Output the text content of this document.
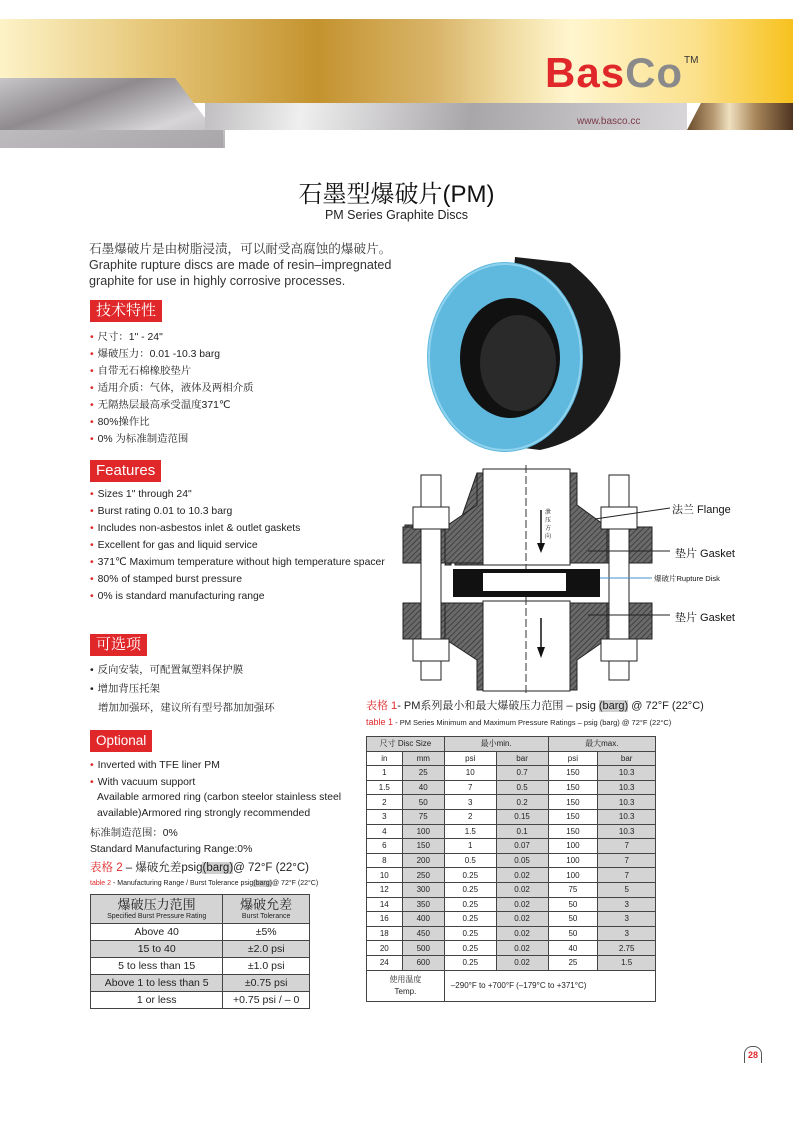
BasCo TM
www.basco.cc
石墨型爆破片(PM)
PM Series Graphite Discs
石墨爆破片是由树脂浸渍，可以耐受高腐蚀的爆破片。
Graphite rupture discs are made of resin–impregnated
graphite for use in highly corrosive processes.
技术特性
• 尺寸：1" - 24"
• 爆破压力：0.01 -10.3 barg
• 自带无石棉橡胶垫片
• 适用介质：气体，液体及两相介质
• 无隔热层最高承受温度371℃
• 80%操作比
• 0% 为标准制造范围
Features
• Sizes 1" through 24"
• Burst rating 0.01 to 10.3 barg
• Includes non-asbestos inlet & outlet gaskets
• Excellent for gas and liquid service
• 371℃ Maximum temperature without high temperature spacer
• 80% of stamped burst pressure
• 0% is standard manufacturing range
可选项
• 反向安装，可配置氟塑料保护膜
• 增加背压托架
增加加强环，建议所有型号都加加强环
Optional
• Inverted with TFE liner PM
• With vacuum support
Available armored ring (carbon steelor stainless steel
available)Armored ring strongly recommended
标准制造范围：0%
Standard Manufacturing Range:0%
表格 2 – 爆破允差psig(barg)@ 72°F (22°C)
table 2 - Manufacturing Range / Burst Tolerance psig(barg)@ 72°F (22°C)
爆破压力范围
Specified Burst Pressure Rating	爆破允差
Burst Tolerance

Above 40	±5%
15 to 40	±2.0 psi
5 to less than 15	±1.0 psi
Above 1 to less than 5	±0.75 psi
1 or less	+0.75 psi / – 0
法兰 Flange
垫片 Gasket
爆破片Rupture Disk
垫片 Gasket
泄压方向
表格 1- PM系列最小和最大爆破压力范围 – psig (barg) @ 72°F (22°C)
table 1 - PM Series Minimum and Maximum Pressure Ratings – psig (barg) @ 72°F (22°C)
尺寸 Disc Size		最小min.		最大max.	
in	mm	psi	bar	psi	bar
1	25	10	0.7	150	10.3
1.5	40	7	0.5	150	10.3
2	50	3	0.2	150	10.3
3	75	2	0.15	150	10.3
4	100	1.5	0.1	150	10.3
6	150	1	0.07	100	7
8	200	0.5	0.05	100	7
10	250	0.25	0.02	100	7
12	300	0.25	0.02	75	5
14	350	0.25	0.02	50	3
16	400	0.25	0.02	50	3
18	450	0.25	0.02	50	3
20	500	0.25	0.02	40	2.75
24	600	0.25	0.02	25	1.5

使用温度
Temp.		–290°F to +700°F (–179°C to +371°C)			
28
